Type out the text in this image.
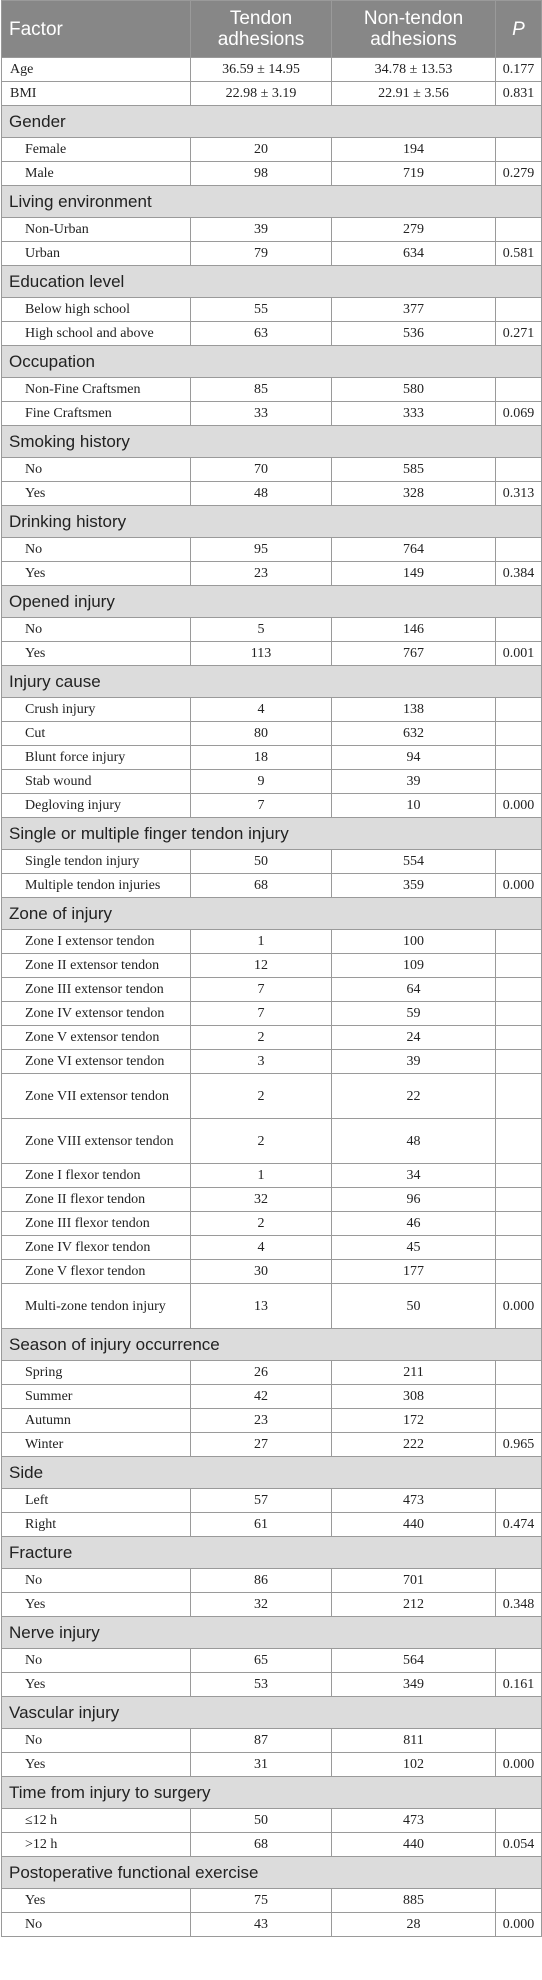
Factor	Tendon adhesions	Non-tendon adhesions	P
Age	36.59 ± 14.95	34.78 ± 13.53	0.177
BMI	22.98 ± 3.19	22.91 ± 3.56	0.831
Gender			
Female	20	194	
Male	98	719	0.279
Living environment			
Non-Urban	39	279	
Urban	79	634	0.581
Education level			
Below high school	55	377	
High school and above	63	536	0.271
Occupation			
Non-Fine Craftsmen	85	580	
Fine Craftsmen	33	333	0.069
Smoking history			
No	70	585	
Yes	48	328	0.313
Drinking history			
No	95	764	
Yes	23	149	0.384
Opened injury			
No	5	146	
Yes	113	767	0.001
Injury cause			
Crush injury	4	138	
Cut	80	632	
Blunt force injury	18	94	
Stab wound	9	39	
Degloving injury	7	10	0.000
Single or multiple finger tendon injury			
Single tendon injury	50	554	
Multiple tendon injuries	68	359	0.000
Zone of injury			
Zone I extensor tendon	1	100	
Zone II extensor tendon	12	109	
Zone III extensor tendon	7	64	
Zone IV extensor tendon	7	59	
Zone V extensor tendon	2	24	
Zone VI extensor tendon	3	39	
Zone VII extensor tendon	2	22	
Zone VIII extensor tendon	2	48	
Zone I flexor tendon	1	34	
Zone II flexor tendon	32	96	
Zone III flexor tendon	2	46	
Zone IV flexor tendon	4	45	
Zone V flexor tendon	30	177	
Multi-zone tendon injury	13	50	0.000
Season of injury occurrence			
Spring	26	211	
Summer	42	308	
Autumn	23	172	
Winter	27	222	0.965
Side			
Left	57	473	
Right	61	440	0.474
Fracture			
No	86	701	
Yes	32	212	0.348
Nerve injury			
No	65	564	
Yes	53	349	0.161
Vascular injury			
No	87	811	
Yes	31	102	0.000
Time from injury to surgery			
≤12 h	50	473	
>12 h	68	440	0.054
Postoperative functional exercise			
Yes	75	885	
No	43	28	0.000
